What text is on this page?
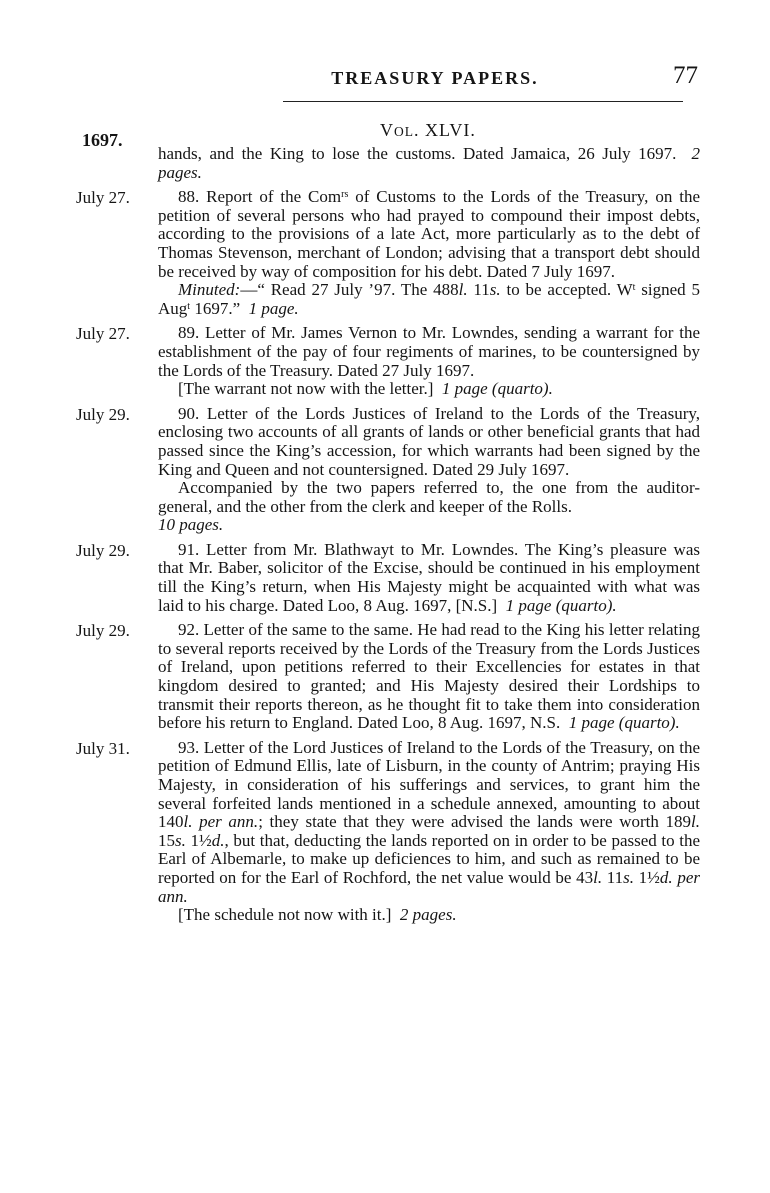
TREASURY PAPERS.	77
1697.	VOL. XLVI.

hands, and the King to lose the customs. Dated Jamaica, 26 July 1697. 2 pages.

July 27.	88. Report of the Com$^{rs}$ of Customs to the Lords of the Treasury, on the petition of several persons who had prayed to compound their impost debts, according to the provisions of a late Act, more particularly as to the debt of Thomas Stevenson, merchant of London; advising that a transport debt should be received by way of composition for his debt. Dated 7 July 1697.

Minuted:—“ Read 27 July ’97. The 488l. 11s. to be accepted. $W^t$ signed 5 Aug$^t$ 1697.” 1 page.

July 27.	89. Letter of Mr. James Vernon to Mr. Lowndes, sending a warrant for the establishment of the pay of four regiments of marines, to be countersigned by the Lords of the Treasury. Dated 27 July 1697.

[The warrant not now with the letter.] 1 page (quarto).

July 29.	90. Letter of the Lords Justices of Ireland to the Lords of the Treasury, enclosing two accounts of all grants of lands or other beneficial grants that had passed since the King’s accession, for which warrants had been signed by the King and Queen and not countersigned. Dated 29 July 1697.

Accompanied by the two papers referred to, the one from the auditor-general, and the other from the clerk and keeper of the Rolls.

10 pages.

July 29.	91. Letter from Mr. Blathwayt to Mr. Lowndes. The King’s pleasure was that Mr. Baber, solicitor of the Excise, should be continued in his employment till the King’s return, when His Majesty might be acquainted with what was laid to his charge. Dated Loo, 8 Aug. 1697, [N.S.] 1 page (quarto).

July 29.	92. Letter of the same to the same. He had read to the King his letter relating to several reports received by the Lords of the Treasury from the Lords Justices of Ireland, upon petitions referred to their Excellencies for estates in that kingdom desired to granted; and His Majesty desired their Lordships to transmit their reports thereon, as he thought fit to take them into consideration before his return to England. Dated Loo, 8 Aug. 1697, N.S. 1 page (quarto).

July 31.	93. Letter of the Lord Justices of Ireland to the Lords of the Treasury, on the petition of Edmund Ellis, late of Lisburn, in the county of Antrim; praying His Majesty, in consideration of his sufferings and services, to grant him the several forfeited lands mentioned in a schedule annexed, amounting to about 140l. per ann.; they state that they were advised the lands were worth 189l. 15s. 1½d., but that, deducting the lands reported on in order to be passed to the Earl of Albemarle, to make up deficiences to him, and such as remained to be reported on for the Earl of Rochford, the net value would be 43l. 11s. 1½d. per ann.

[The schedule not now with it.] 2 pages.
